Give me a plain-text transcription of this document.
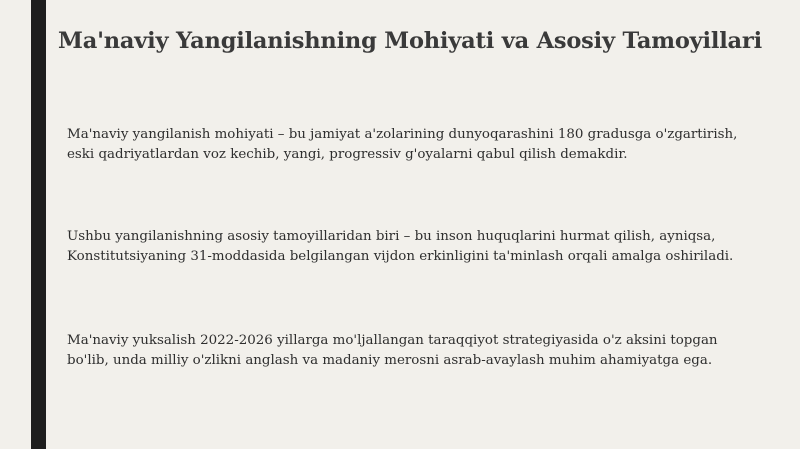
Ma'naviy Yangilanishning Mohiyati va Asosiy Tamoyillari

Ma'naviy yangilanish mohiyati – bu jamiyat a'zolarining dunyoqarashini 180 gradusga o'zgartirish, eski qadriyatlardan voz kechib, yangi, progressiv g'oyalarni qabul qilish demakdir.

Ushbu yangilanishning asosiy tamoyillaridan biri – bu inson huquqlarini hurmat qilish, ayniqsa, Konstitutsiyaning 31-moddasida belgilangan vijdon erkinligini ta'minlash orqali amalga oshiriladi.

Ma'naviy yuksalish 2022-2026 yillarga mo'ljallangan taraqqiyot strategiyasida o'z aksini topgan bo'lib, unda milliy o'zlikni anglash va madaniy merosni asrab-avaylash muhim ahamiyatga ega.
